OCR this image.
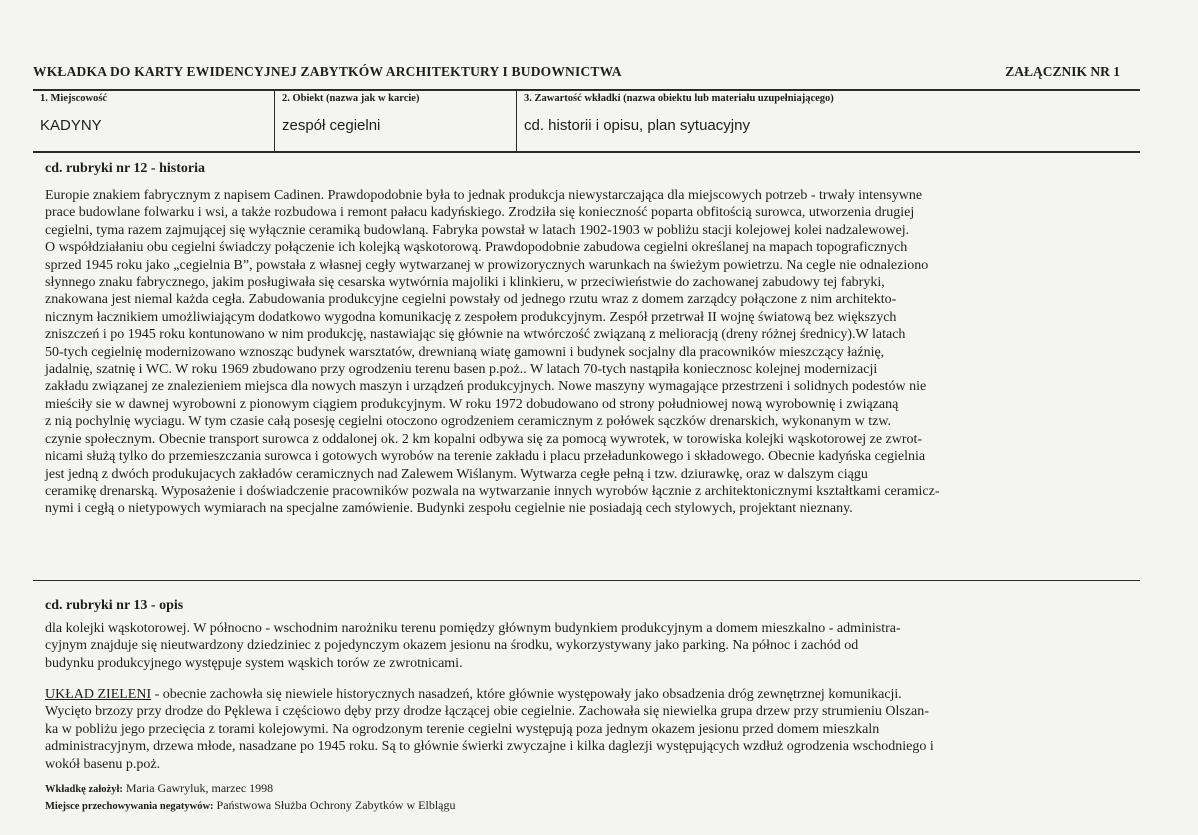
WKŁADKA DO KARTY EWIDENCYJNEJ ZABYTKÓW ARCHITEKTURY I BUDOWNICTWA	ZAŁĄCZNIK NR 1
1. Miejscowość
KADYNY
2. Obiekt (nazwa jak w karcie)
zespół cegielni
3. Zawartość wkładki (nazwa obiektu lub materiału uzupełniającego)
cd. historii i opisu, plan sytuacyjny
cd. rubryki nr 12 - historia
Europie znakiem fabrycznym z napisem Cadinen. Prawdopodobnie była to jednak produkcja niewystarczająca dla miejscowych potrzeb - trwały intensywne
prace budowlane folwarku i wsi, a także rozbudowa i remont pałacu kadyńskiego. Zrodziła się konieczność poparta obfitością surowca, utworzenia drugiej
cegielni, tyma razem zajmującej się wyłącznie ceramiką budowlaną. Fabryka powstał w latach 1902-1903 w pobliżu stacji kolejowej kolei nadzalewowej.
O współdziałaniu obu cegielni świadczy połączenie ich kolejką wąskotorową. Prawdopodobnie zabudowa cegielni określanej na mapach topograficznych
sprzed 1945 roku jako „cegielnia B”, powstała z własnej cegły wytwarzanej w prowizorycznych warunkach na świeżym powietrzu. Na cegle nie odnaleziono
słynnego znaku fabrycznego, jakim posługiwała się cesarska wytwórnia majoliki i klinkieru, w przeciwieństwie do zachowanej zabudowy tej fabryki,
znakowana jest niemal każda cegła. Zabudowania produkcyjne cegielni powstały od jednego rzutu wraz z domem zarządcy połączone z nim architekto-
nicznym łacznikiem umożliwiającym dodatkowo wygodna komunikację z zespołem produkcyjnym. Zespół przetrwał II wojnę światową bez większych
zniszczeń i po 1945 roku kontunowano w nim produkcję, nastawiając się głównie na wtwórczość związaną z melioracją (dreny różnej średnicy).W latach
50-tych cegielnię modernizowano wznosząc budynek warsztatów, drewnianą wiatę gamowni i budynek socjalny dla pracowników mieszczący łaźnię,
jadalnię, szatnię i WC. W roku 1969 zbudowano przy ogrodzeniu terenu basen p.poż.. W latach 70-tych nastąpiła koniecznosc kolejnej modernizacji
zakładu związanej ze znalezieniem miejsca dla nowych maszyn i urządzeń produkcyjnych. Nowe maszyny wymagające przestrzeni i solidnych podestów nie
mieściły sie w dawnej wyrobowni z pionowym ciągiem produkcyjnym. W roku 1972 dobudowano od strony południowej nową wyrobownię i związaną
z nią pochylnię wyciagu. W tym czasie całą posesję cegielni otoczono ogrodzeniem ceramicznym z połówek sączków drenarskich, wykonanym w tzw.
czynie społecznym. Obecnie transport surowca z oddalonej ok. 2 km kopalni odbywa się za pomocą wywrotek, w torowiska kolejki wąskotorowej ze zwrot-
nicami służą tylko do przemieszczania surowca i gotowych wyrobów na terenie zakładu i placu przeładunkowego i składowego. Obecnie kadyńska cegielnia
jest jedną z dwóch produkujacych zakładów ceramicznych nad Zalewem Wiślanym. Wytwarza cegłe pełną i tzw. dziurawkę, oraz w dalszym ciągu
ceramikę drenarską. Wyposażenie i doświadczenie pracowników pozwala na wytwarzanie innych wyrobów łącznie z architektonicznymi kształtkami ceramicz-
nymi i cegłą o nietypowych wymiarach na specjalne zamówienie. Budynki zespołu cegielnie nie posiadają cech stylowych, projektant nieznany.
cd. rubryki nr 13 - opis
dla kolejki wąskotorowej. W północno - wschodnim narożniku terenu pomiędzy głównym budynkiem produkcyjnym a domem mieszkalno - administra-
cyjnym znajduje się nieutwardzony dziedziniec z pojedynczym okazem jesionu na środku, wykorzystywany jako parking. Na północ i zachód od
budynku produkcyjnego występuje system wąskich torów ze zwrotnicami.
UKŁAD ZIELENI - obecnie zachowła się niewiele historycznych nasadzeń, które głównie występowały jako obsadzenia dróg zewnętrznej komunikacji.
Wycięto brzozy przy drodze do Pęklewa i częściowo dęby przy drodze łączącej obie cegielnie. Zachowała się niewielka grupa drzew przy strumieniu Olszan-
ka w pobliżu jego przecięcia z torami kolejowymi. Na ogrodzonym terenie cegielni występują poza jednym okazem jesionu przed domem mieszkaln
administracyjnym, drzewa młode, nasadzane po 1945 roku. Są to głównie świerki zwyczajne i kilka daglezji występujących wzdłuż ogrodzenia wschodniego i
wokół basenu p.poż.
Wkładkę założył: Maria Gawryluk, marzec 1998
Miejsce przechowywania negatywów: Państwowa Służba Ochrony Zabytków w Elblągu
